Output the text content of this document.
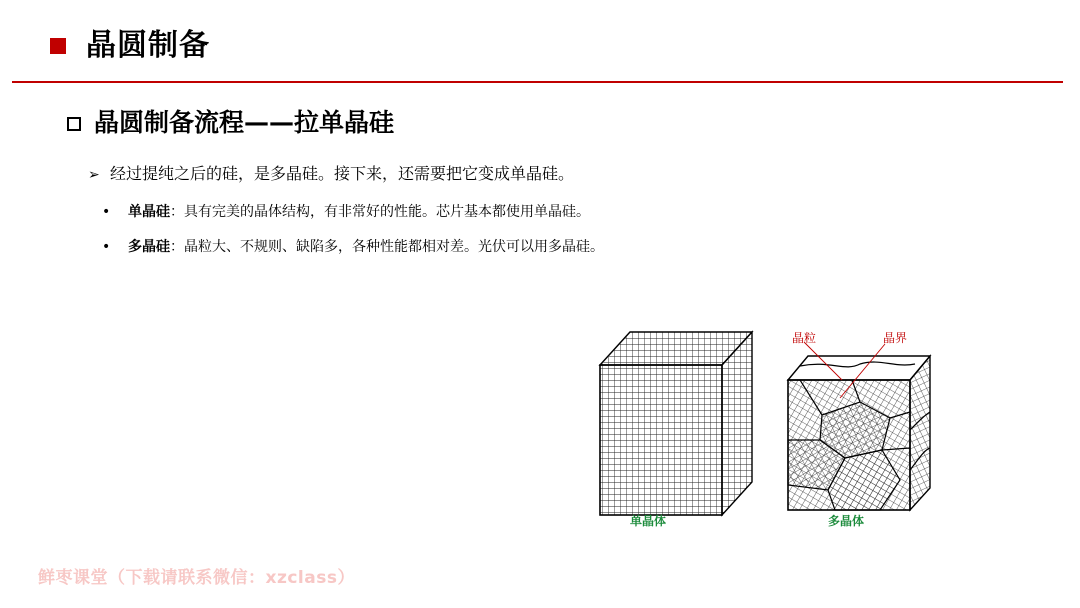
晶圆制备
晶圆制备流程——拉单晶硅
➢ 经过提纯之后的硅，是多晶硅。接下来，还需要把它变成单晶硅。
• 单晶硅：具有完美的晶体结构，有非常好的性能。芯片基本都使用单晶硅。
• 多晶硅：晶粒大、不规则、缺陷多，各种性能都相对差。光伏可以用多晶硅。
晶粒	晶界
单晶体	多晶体
鲜枣课堂（下载请联系微信：xzclass）
